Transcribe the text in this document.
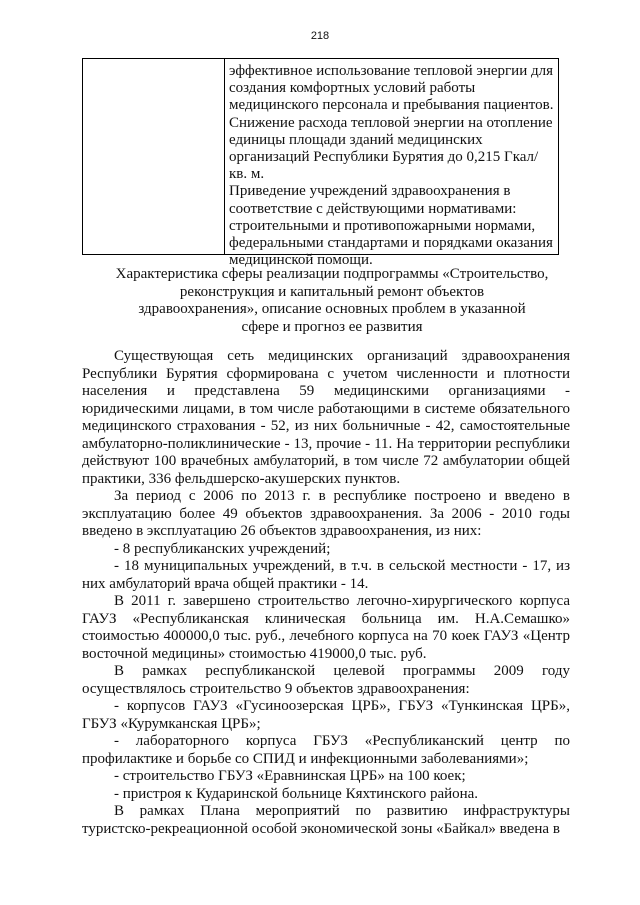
218

эффективное использование тепловой энергии для создания комфортных условий работы медицинского персонала и пребывания пациентов. Снижение расхода тепловой энергии на отопление единицы площади зданий медицинских организаций Республики Бурятия до 0,215 Гкал/кв. м.

Приведение учреждений здравоохранения в соответствие с действующими нормативами: строительными и противопожарными нормами, федеральными стандартами и порядками оказания медицинской помощи.

Характеристика сферы реализации подпрограммы «Строительство,
реконструкция и капитальный ремонт объектов
здравоохранения», описание основных проблем в указанной
сфере и прогноз ее развития

Существующая сеть медицинских организаций здравоохранения Республики Бурятия сформирована с учетом численности и плотности населения и представлена 59 медицинскими организациями - юридическими лицами, в том числе работающими в системе обязательного медицинского страхования - 52, из них больничные - 42, самостоятельные амбулаторно-поликлинические - 13, прочие - 11. На территории республики действуют 100 врачебных амбулаторий, в том числе 72 амбулатории общей практики, 336 фельдшерско-акушерских пунктов.

За период с 2006 по 2013 г. в республике построено и введено в эксплуатацию более 49 объектов здравоохранения. За 2006 - 2010 годы введено в эксплуатацию 26 объектов здравоохранения, из них:

- 8 республиканских учреждений;

- 18 муниципальных учреждений, в т.ч. в сельской местности - 17, из них амбулаторий врача общей практики - 14.

В 2011 г. завершено строительство легочно-хирургического корпуса ГАУЗ «Республиканская клиническая больница им. Н.А.Семашко» стоимостью 400000,0 тыс. руб., лечебного корпуса на 70 коек ГАУЗ «Центр восточной медицины» стоимостью 419000,0 тыс. руб.

В рамках республиканской целевой программы 2009 году осуществлялось строительство 9 объектов здравоохранения:

- корпусов ГАУЗ «Гусиноозерская ЦРБ», ГБУЗ «Тункинская ЦРБ», ГБУЗ «Курумканская ЦРБ»;

- лабораторного корпуса ГБУЗ «Республиканский центр по профилактике и борьбе со СПИД и инфекционными заболеваниями»;

- строительство ГБУЗ «Еравнинская ЦРБ» на 100 коек;

- пристроя к Кударинской больнице Кяхтинского района.

В рамках Плана мероприятий по развитию инфраструктуры туристско-рекреационной особой экономической зоны «Байкал» введена в
